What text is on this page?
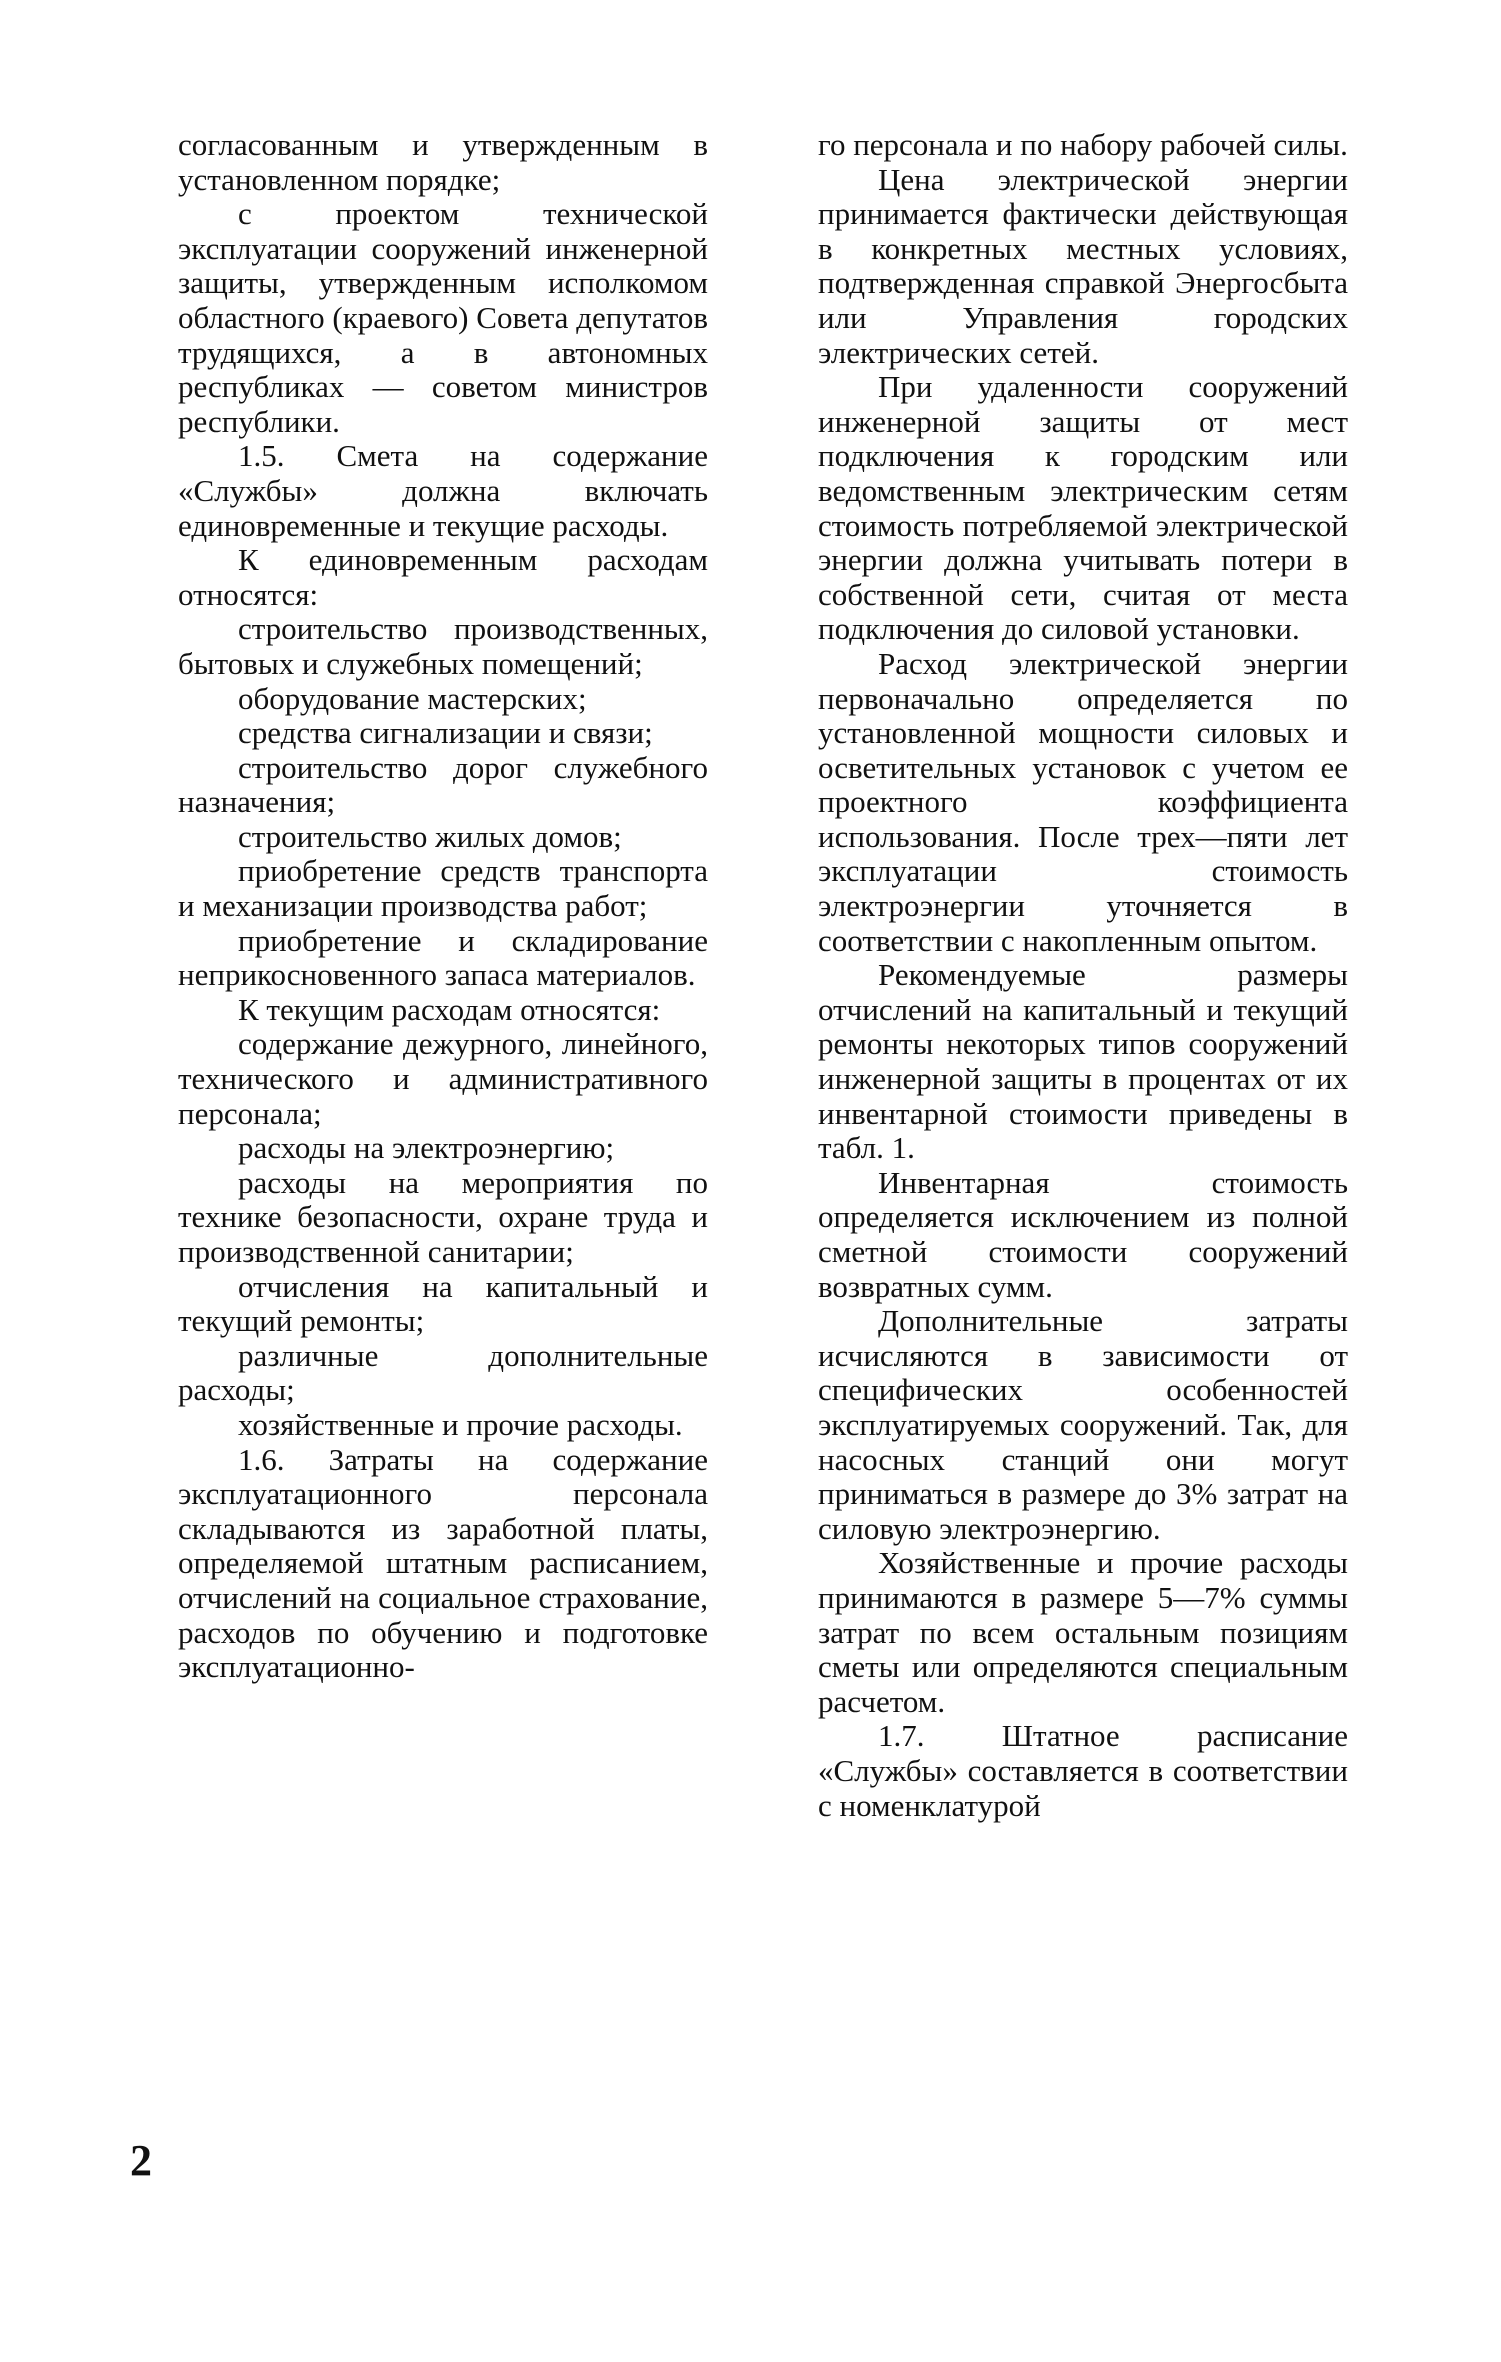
согласованным и утвержденным в установленном порядке;

с проектом технической эксплуатации сооружений инженерной защиты, утвержденным исполкомом областного (краевого) Совета депутатов трудящихся, а в автономных республиках — советом министров республики.

1.5. Смета на содержание «Службы» должна включать единовременные и текущие расходы.

К единовременным расходам относятся:

строительство производственных, бытовых и служебных помещений;

оборудование мастерских;

средства сигнализации и связи;

строительство дорог служебного назначения;

строительство жилых домов;

приобретение средств транспорта и механизации производства работ;

приобретение и складирование неприкосновенного запаса материалов.

К текущим расходам относятся:

содержание дежурного, линейного, технического и административного персонала;

расходы на электроэнергию;

расходы на мероприятия по технике безопасности, охране труда и производственной санитарии;

отчисления на капитальный и текущий ремонты;

различные дополнительные расходы;

хозяйственные и прочие расходы.

1.6. Затраты на содержание эксплуатационного персонала складываются из заработной платы, определяемой штатным расписанием, отчислений на социальное страхование, расходов по обучению и подготовке эксплуатационно-

го персонала и по набору рабочей силы.

Цена электрической энергии принимается фактически действующая в конкретных местных условиях, подтвержденная справкой Энергосбыта или Управления городских электрических сетей.

При удаленности сооружений инженерной защиты от мест подключения к городским или ведомственным электрическим сетям стоимость потребляемой электрической энергии должна учитывать потери в собственной сети, считая от места подключения до силовой установки.

Расход электрической энергии первоначально определяется по установленной мощности силовых и осветительных установок с учетом ее проектного коэффициента использования. После трех—пяти лет эксплуатации стоимость электроэнергии уточняется в соответствии с накопленным опытом.

Рекомендуемые размеры отчислений на капитальный и текущий ремонты некоторых типов сооружений инженерной защиты в процентах от их инвентарной стоимости приведены в табл. 1.

Инвентарная стоимость определяется исключением из полной сметной стоимости сооружений возвратных сумм.

Дополнительные затраты исчисляются в зависимости от специфических особенностей эксплуатируемых сооружений. Так, для насосных станций они могут приниматься в размере до 3% затрат на силовую электроэнергию.

Хозяйственные и прочие расходы принимаются в размере 5—7% суммы затрат по всем остальным позициям сметы или определяются специальным расчетом.

1.7. Штатное расписание «Службы» составляется в соответствии с номенклатурой

2
